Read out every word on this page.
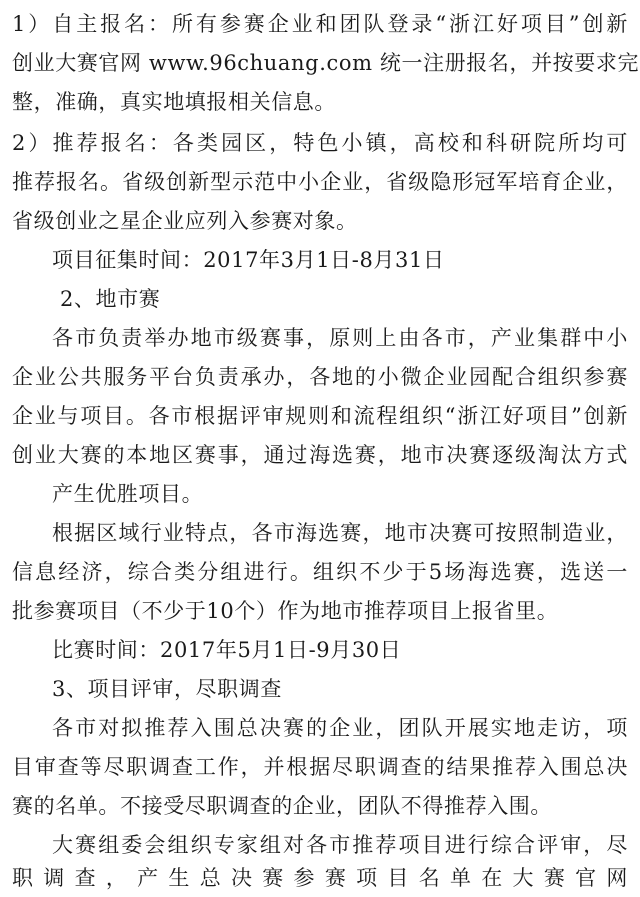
1）自主报名：所有参赛企业和团队登录“浙江好项目”创新
创业大赛官网 www.96chuang.com 统一注册报名，并按要求完
整，准确，真实地填报相关信息。
2）推荐报名：各类园区，特色小镇，高校和科研院所均可
推荐报名。省级创新型示范中小企业，省级隐形冠军培育企业，
省级创业之星企业应列入参赛对象。
项目征集时间：2017年3月1日-8月31日
2、地市赛
各市负责举办地市级赛事，原则上由各市，产业集群中小
企业公共服务平台负责承办，各地的小微企业园配合组织参赛
企业与项目。各市根据评审规则和流程组织“浙江好项目”创新
创业大赛的本地区赛事，通过海选赛，地市决赛逐级淘汰方式
产生优胜项目。
根据区域行业特点，各市海选赛，地市决赛可按照制造业，
信息经济，综合类分组进行。组织不少于5场海选赛，选送一
批参赛项目（不少于10个）作为地市推荐项目上报省里。
比赛时间：2017年5月1日-9月30日
3、项目评审，尽职调查
各市对拟推荐入围总决赛的企业，团队开展实地走访，项
目审查等尽职调查工作，并根据尽职调查的结果推荐入围总决
赛的名单。不接受尽职调查的企业，团队不得推荐入围。
大赛组委会组织专家组对各市推荐项目进行综合评审，尽
职调查，产生总决赛参赛项目名单在大赛官网
